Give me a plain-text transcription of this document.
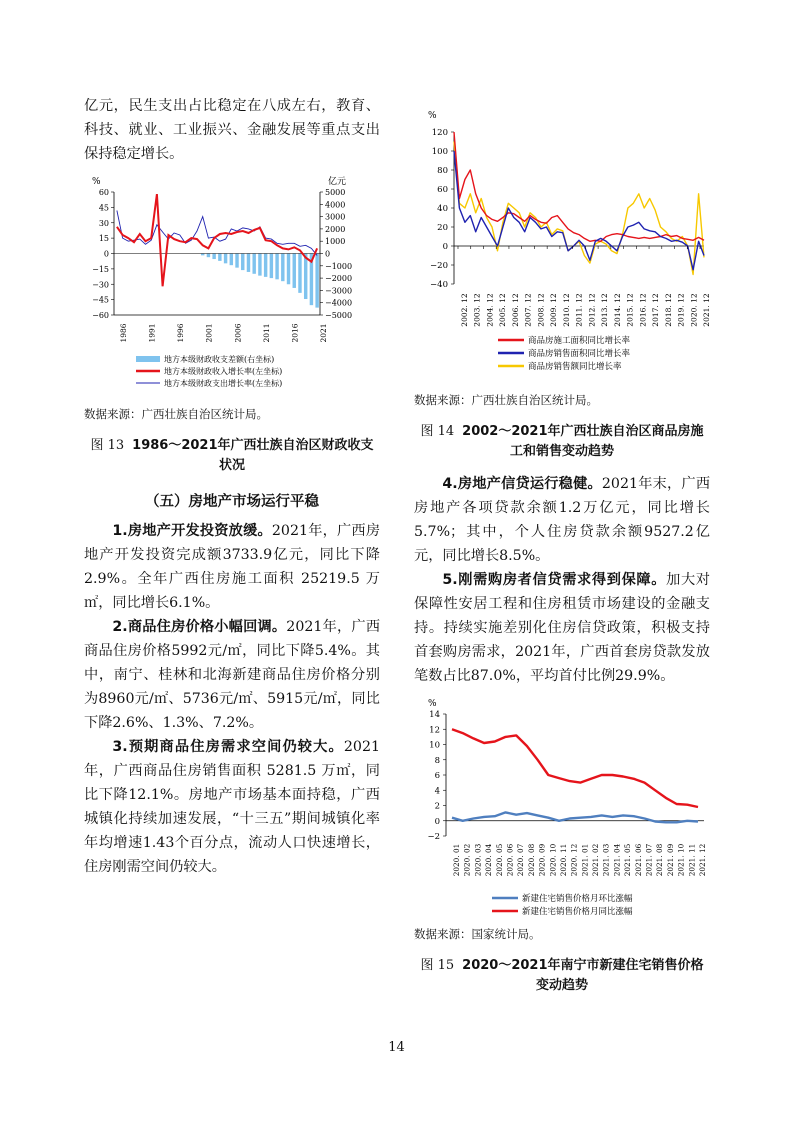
亿元，民生支出占比稳定在八成左右，教育、科技、就业、工业振兴、金融发展等重点支出保持稳定增长。

%	亿元
60
45
30
15
0
−15
−30
−45
−60
5000
4000
3000
2000
1000
0
−1000
−2000
−3000
−4000
−5000
1986	1991	1996	2001	2006	2011	2016	2021
地方本级财政收支差额(右坐标)
地方本级财政收入增长率(左坐标)
地方本级财政支出增长率(左坐标)

数据来源：广西壮族自治区统计局。

图 13 1986～2021年广西壮族自治区财政收支状况
（五）房地产市场运行平稳

1.房地产开发投资放缓。2021年，广西房地产开发投资完成额3733.9亿元，同比下降2.9%。全年广西住房施工面积 25219.5 万㎡，同比增长6.1%。

2.商品住房价格小幅回调。2021年，广西商品住房价格5992元/㎡，同比下降5.4%。其中，南宁、桂林和北海新建商品住房价格分别为8960元/㎡、5736元/㎡、5915元/㎡，同比下降2.6%、1.3%、7.2%。

3.预期商品住房需求空间仍较大。2021年，广西商品住房销售面积 5281.5 万㎡，同比下降12.1%。房地产市场基本面持稳，广西城镇化持续加速发展，“十三五”期间城镇化率年均增速1.43个百分点，流动人口快速增长，住房刚需空间仍较大。

%
120
100
80
60
40
20
0
−20
−40
2002. 12 2003. 12 2004. 12 2005. 12 2006. 12 2007. 12 2008. 12 2009. 12 2010. 12 2011. 12 2012. 12 2013. 12 2014. 12 2015. 12 2016. 12 2017. 12 2018. 12 2019. 12 2020. 12 2021. 12
商品房施工面积同比增长率
商品房销售面积同比增长率
商品房销售额同比增长率

数据来源：广西壮族自治区统计局。

图 14 2002～2021年广西壮族自治区商品房施工和销售变动趋势

4.房地产信贷运行稳健。2021年末，广西房地产各项贷款余额1.2万亿元，同比增长5.7%；其中，个人住房贷款余额9527.2亿元，同比增长8.5%。

5.刚需购房者信贷需求得到保障。加大对保障性安居工程和住房租赁市场建设的金融支持。持续实施差别化住房信贷政策，积极支持首套购房需求，2021年，广西首套房贷款发放笔数占比87.0%，平均首付比例29.9%。

%
14
12
10
8
6
4
2
0
−2
2020. 01 2020. 02 2020. 03 2020. 04 2020. 05 2020. 06 2020. 07 2020. 08 2020. 09 2020. 10 2020. 11 2020. 12 2021. 01 2021. 02 2021. 03 2021. 04 2021. 05 2021. 06 2021. 07 2021. 08 2021. 09 2021. 10 2021. 11 2021. 12
新建住宅销售价格月环比涨幅
新建住宅销售价格月同比涨幅

数据来源：国家统计局。

图 15 2020～2021年南宁市新建住宅销售价格变动趋势
14
